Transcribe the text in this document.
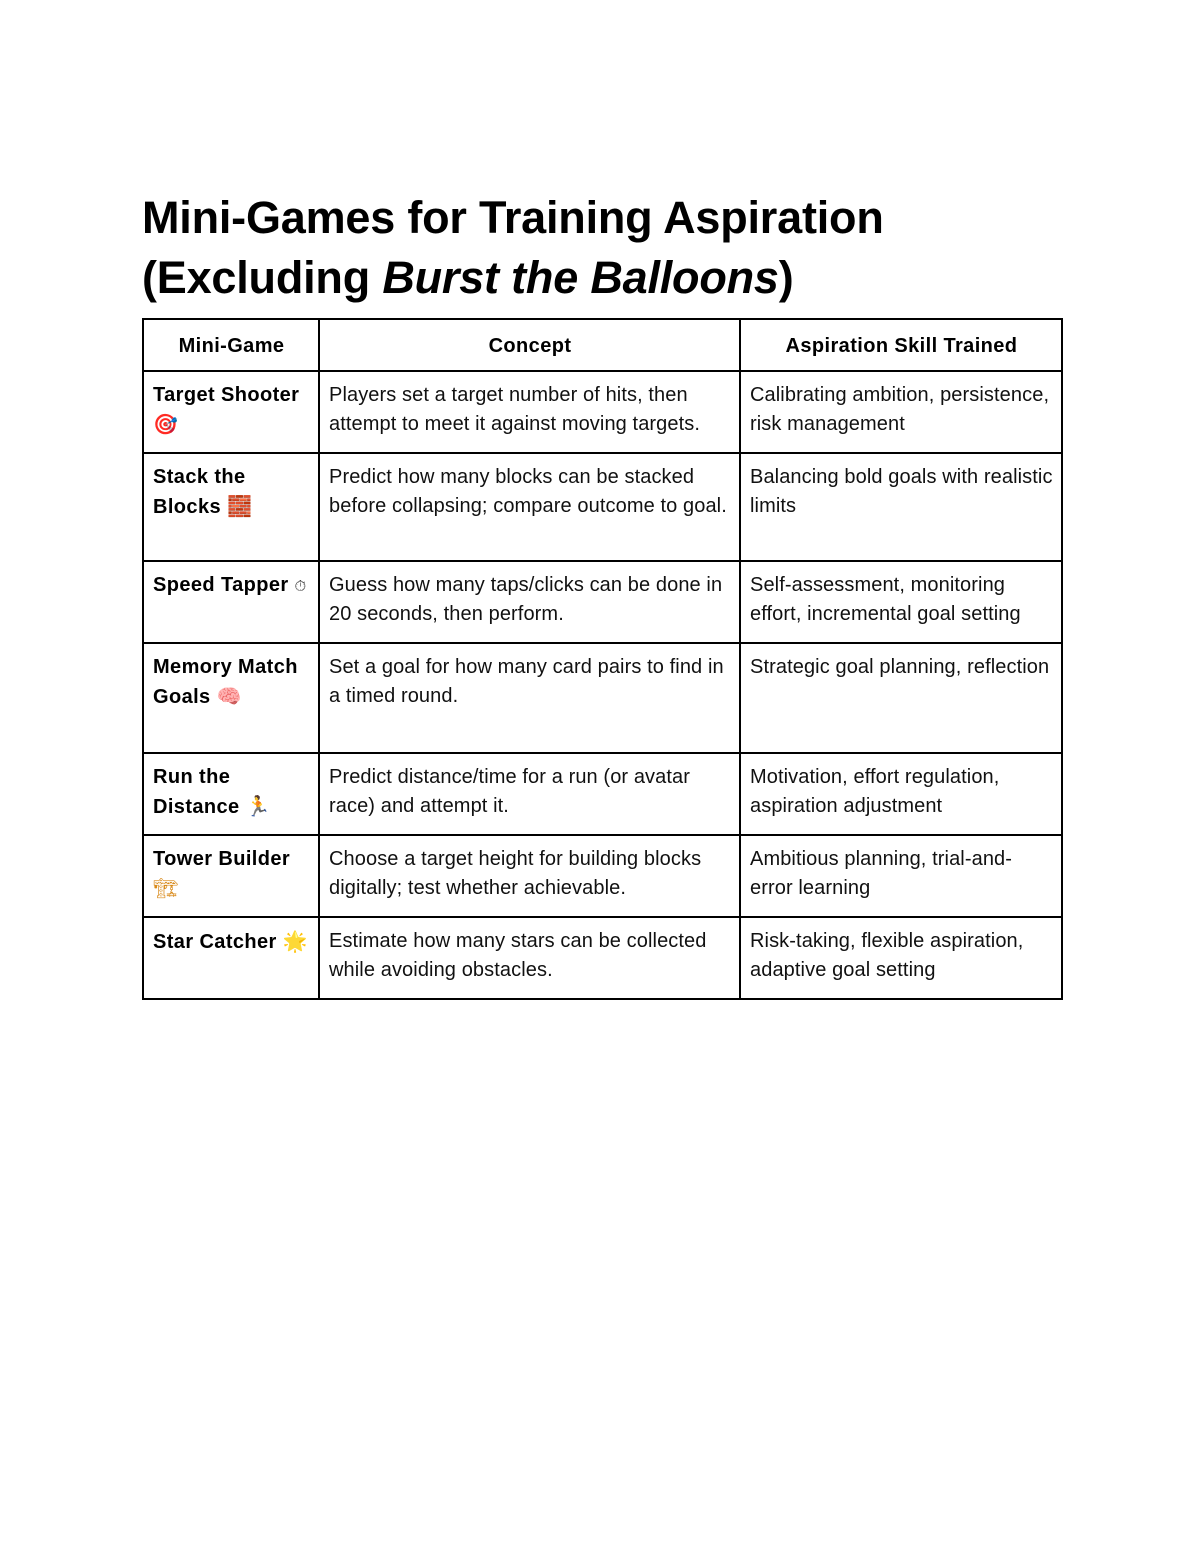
Mini-Games for Training Aspiration
(Excluding Burst the Balloons)
Mini-Game	Concept	Aspiration Skill Trained
Target Shooter 🎯	Players set a target number of hits, then attempt to meet it against moving targets.	Calibrating ambition, persistence, risk management
Stack the Blocks 🧱	Predict how many blocks can be stacked before collapsing; compare outcome to goal.	Balancing bold goals with realistic limits
Speed Tapper ⏱	Guess how many taps/clicks can be done in 20 seconds, then perform.	Self-assessment, monitoring effort, incremental goal setting
Memory Match Goals 🧠	Set a goal for how many card pairs to find in a timed round.	Strategic goal planning, reflection
Run the Distance 🏃	Predict distance/time for a run (or avatar race) and attempt it.	Motivation, effort regulation, aspiration adjustment
Tower Builder 🏗	Choose a target height for building blocks digitally; test whether achievable.	Ambitious planning, trial-and-error learning
Star Catcher 🌟	Estimate how many stars can be collected while avoiding obstacles.	Risk-taking, flexible aspiration, adaptive goal setting
